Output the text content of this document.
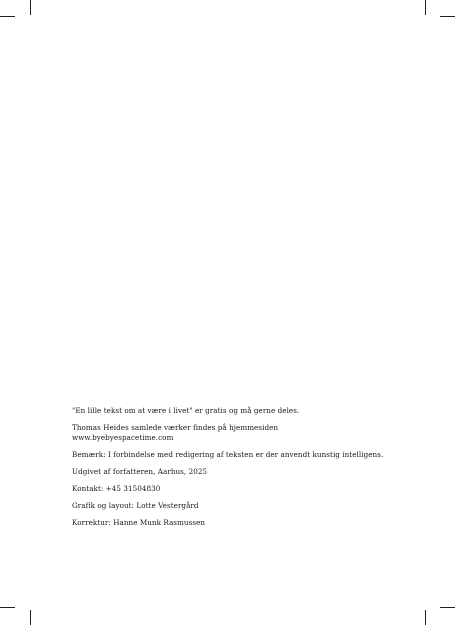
"En lille tekst om at være i livet" er gratis og må gerne deles.

Thomas Heides samlede værker findes på hjemmesiden

www.byebyespacetime.com

Bemærk: I forbindelse med redigering af teksten er der anvendt kunstig intelligens.

Udgivet af forfatteren, Aarhus, 2025

Kontakt: +45 31504830

Grafik og layout: Lotte Vestergård

Korrektur: Hanne Munk Rasmussen
